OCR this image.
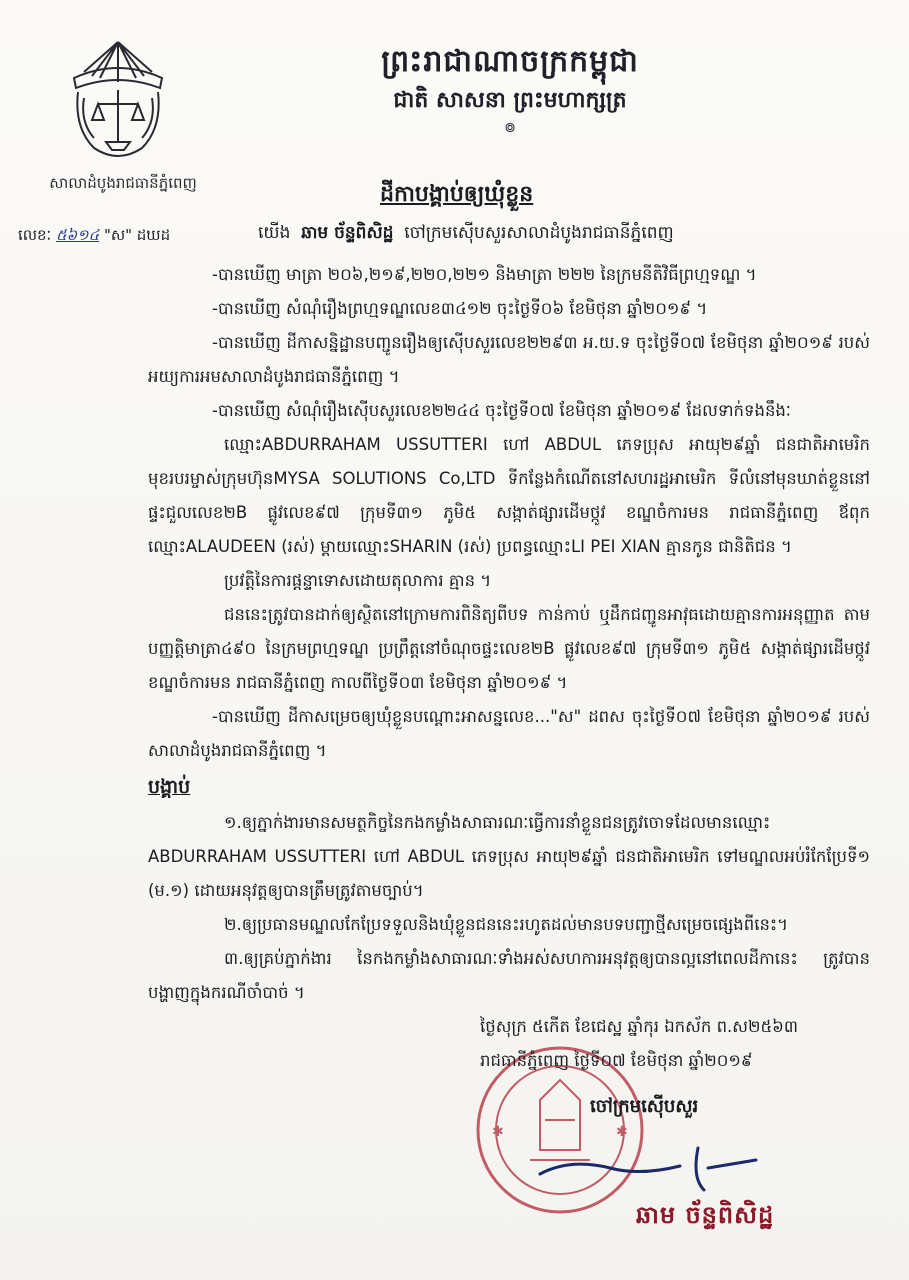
សាលាដំបូងរាជធានីភ្នំពេញ
ព្រះរាជាណាចក្រកម្ពុជា
ជាតិ សាសនា ព្រះមហាក្សត្រ
៙
ដីកាបង្គាប់ឲ្យឃុំខ្លួន
លេខៈ ៥៦១៤ "ស" ដឃដ	យើង ឆាម ច័ន្ទពិសិដ្ឋ ចៅក្រមស៊ើបសួរសាលាដំបូងរាជធានីភ្នំពេញ

-បានឃើញ មាត្រា ២០៦,២១៩,២២០,២២១ និងមាត្រា ២២២ នៃក្រមនីតិវិធីព្រហ្មទណ្ឌ ។

-បានឃើញ សំណុំរឿងព្រហ្មទណ្ឌលេខ៣៤១២ ចុះថ្ងៃទី០៦ ខែមិថុនា ឆ្នាំ២០១៩ ។

-បានឃើញ ដីកាសន្និដ្ឋានបញ្ជូនរឿងឲ្យស៊ើបសួរលេខ២២៩៣ អ.យ.ទ ចុះថ្ងៃទី០៧ ខែមិថុនា ឆ្នាំ២០១៩ របស់អយ្យការអមសាលាដំបូងរាជធានីភ្នំពេញ ។

-បានឃើញ សំណុំរឿងស៊ើបសួរលេខ២២៤៤ ចុះថ្ងៃទី០៧ ខែមិថុនា ឆ្នាំ២០១៩ ដែលទាក់ទងនឹងៈ

ឈ្មោះABDURRAHAM USSUTTERI ហៅ ABDUL ភេទប្រុស អាយុ២៩ឆ្នាំ ជនជាតិអាមេរិក មុខរបរម្ចាស់ក្រុមហ៊ុនMYSA SOLUTIONS Co,LTD ទីកន្លែងកំណើតនៅសហរដ្ឋអាមេរិក ទីលំនៅមុនឃាត់ខ្លួននៅផ្ទះជួលលេខ២B ផ្លូវលេខ៩៧ ក្រុមទី៣១ ភូមិ៥ សង្កាត់ផ្សារដើមថ្កូវ ខណ្ឌចំការមន រាជធានីភ្នំពេញ ឪពុកឈ្មោះALAUDEEN (រស់) ម្ដាយឈ្មោះSHARIN (រស់) ប្រពន្ធឈ្មោះLI PEI XIAN គ្មានកូន ជានិតិជន ។

ប្រវត្តិនៃការផ្ដន្ទាទោសដោយតុលាការ គ្មាន ។

ជននេះត្រូវបានដាក់ឲ្យស្ថិតនៅក្រោមការពិនិត្យពីបទ កាន់កាប់ ឬដឹកជញ្ជូនអាវុធដោយគ្មានការអនុញ្ញាត តាមបញ្ញត្តិមាត្រា៤៩០ នៃក្រមព្រហ្មទណ្ឌ ប្រព្រឹត្តនៅចំណុចផ្ទះលេខ២B ផ្លូវលេខ៩៧ ក្រុមទី៣១ ភូមិ៥ សង្កាត់ផ្សារដើមថ្កូវ ខណ្ឌចំការមន រាជធានីភ្នំពេញ កាលពីថ្ងៃទី០៣ ខែមិថុនា ឆ្នាំ២០១៩ ។

-បានឃើញ ដីកាសម្រេចឲ្យឃុំខ្លួនបណ្ដោះអាសន្នលេខ..."ស" ដពស ចុះថ្ងៃទី០៧ ខែមិថុនា ឆ្នាំ២០១៩ របស់សាលាដំបូងរាជធានីភ្នំពេញ ។

បង្គាប់

១.ឲ្យភ្នាក់ងារមានសមត្ថកិច្ចនៃកងកម្លាំងសាធារណៈធ្វើការនាំខ្លួនជនត្រូវចោទដែលមានឈ្មោះ ABDURRAHAM USSUTTERI ហៅ ABDUL ភេទប្រុស អាយុ២៩ឆ្នាំ ជនជាតិអាមេរិក ទៅមណ្ឌលអប់រំកែប្រែទី១ (ម.១) ដោយអនុវត្តឲ្យបានត្រឹមត្រូវតាមច្បាប់។

២.ឲ្យប្រធានមណ្ឌលកែប្រែទទួលនិងឃុំខ្លួនជននេះរហូតដល់មានបទបញ្ជាថ្មីសម្រេចផ្សេងពីនេះ។

៣.ឲ្យគ្រប់ភ្នាក់ងារ នៃកងកម្លាំងសាធារណៈទាំងអស់សហការអនុវត្តឲ្យបានល្អនៅពេលដីកានេះ ត្រូវបានបង្ហាញក្នុងករណីចាំបាច់ ។

✱	✱
ថ្ងៃសុក្រ ៥កើត ខែជេស្ឋ ឆ្នាំកុរ ឯកស័ក ព.ស២៥៦៣
រាជធានីភ្នំពេញ ថ្ងៃទី០៧ ខែមិថុនា ឆ្នាំ២០១៩
ចៅក្រមស៊ើបសួរ
ឆាម ច័ន្ទពិសិដ្ឋ
